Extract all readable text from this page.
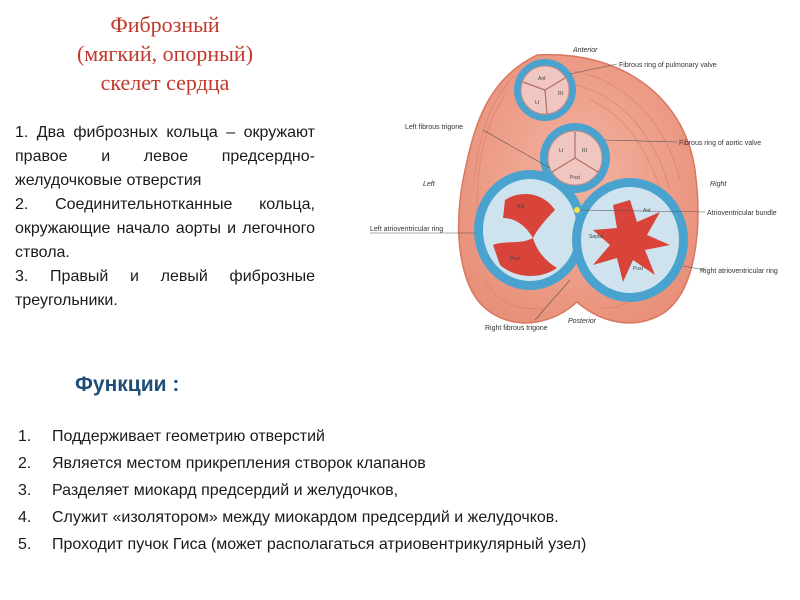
Фиброзный
(мягкий, опорный)
скелет сердца

1. Два фиброзных кольца – окружают правое и левое предсердно-желудочковые отверстия

2. Соединительнотканные кольца, окружающие начало аорты и легочного ствола.

3. Правый и левый фиброзные треугольники.

Функции :
1. Поддерживает геометрию отверстий
2. Является местом прикрепления створок клапанов
3. Разделяет миокард предсердий и желудочков,
4. Служит «изолятором» между миокардом предсердий и желудочков.
5. Проходит пучок Гиса (может располагаться атриовентрикулярный узел)
Ant
Rt
Lt
Lt	Rt
Post
Ant
Post
Septal
Post
Anterior
Fibrous ring of pulmonary valve
Left fibrous trigone
Fibrous ring of aortic valve
Left	Right
Atrioventricular bundle
Left atrioventricular ring
Right atrioventricular ring
Posterior
Right fibrous trigone
